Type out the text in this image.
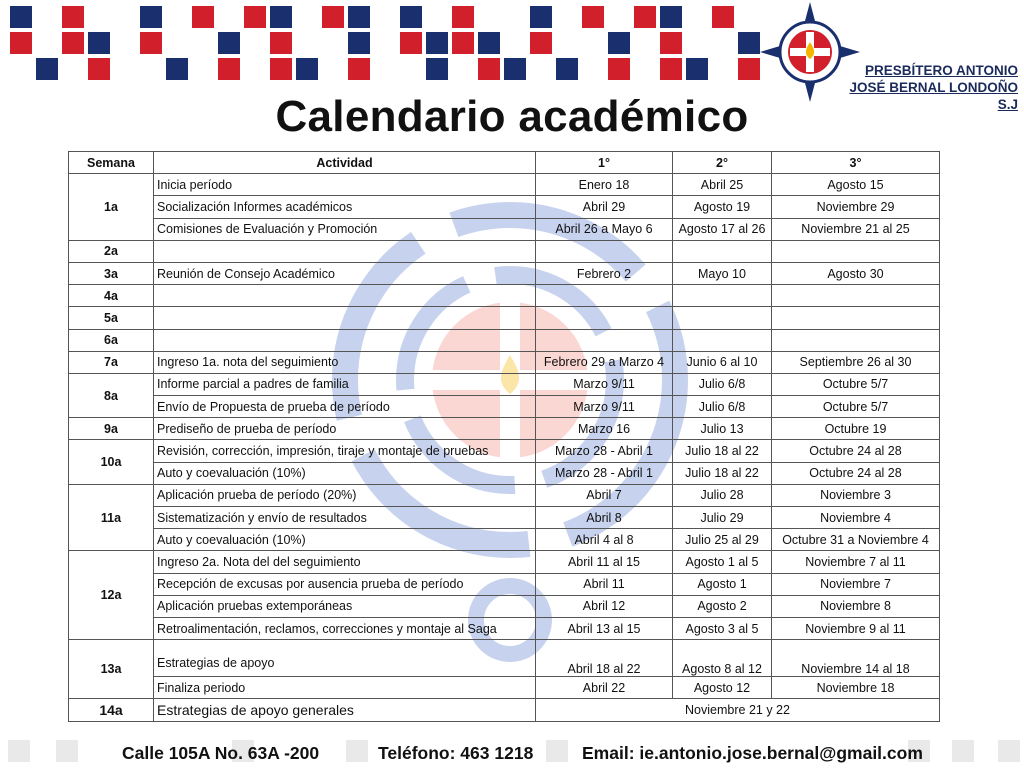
PRESBÍTERO ANTONIO
JOSÉ BERNAL LONDOÑO
S.J
Calendario académico
Semana	Actividad	1°	2°	3°
1a	Inicia período	Enero 18	Abril 25	Agosto 15
	Socialización Informes académicos	Abril 29	Agosto 19	Noviembre 29
	Comisiones de Evaluación y Promoción	Abril 26 a Mayo 6	Agosto 17 al 26	Noviembre 21 al 25
2a				
3a	Reunión de Consejo Académico	Febrero 2	Mayo 10	Agosto 30
4a				
5a				
6a				
7a	Ingreso 1a. nota del seguimiento	Febrero 29 a Marzo 4	Junio 6 al 10	Septiembre 26 al 30
8a	Informe parcial a padres de familia	Marzo 9/11	Julio 6/8	Octubre 5/7
	Envío de Propuesta de prueba de período	Marzo 9/11	Julio 6/8	Octubre 5/7
9a	Prediseño de prueba de período	Marzo 16	Julio 13	Octubre 19
10a	Revisión, corrección, impresión, tiraje y montaje de pruebas	Marzo 28 - Abril 1	Julio 18 al 22	Octubre 24 al 28
	Auto y coevaluación (10%)	Marzo 28 - Abril 1	Julio 18 al 22	Octubre 24 al 28
11a	Aplicación prueba de período (20%)	Abril 7	Julio 28	Noviembre 3
	Sistematización y envío de resultados	Abril 8	Julio 29	Noviembre 4
	Auto y coevaluación (10%)	Abril 4 al 8	Julio 25 al 29	Octubre 31 a Noviembre 4
12a	Ingreso 2a. Nota del del seguimiento	Abril 11 al 15	Agosto 1 al 5	Noviembre 7 al 11
	Recepción de excusas por ausencia prueba de período	Abril 11	Agosto 1	Noviembre 7
	Aplicación pruebas extemporáneas	Abril 12	Agosto 2	Noviembre 8
	Retroalimentación, reclamos, correcciones y montaje al Saga	Abril 13 al 15	Agosto 3 al 5	Noviembre 9 al 11
13a	Estrategias de apoyo	Abril 18 al 22	Agosto 8 al 12	Noviembre 14 al 18
	Finaliza periodo	Abril 22	Agosto 12	Noviembre 18
14a	Estrategias de apoyo generales	Noviembre 21 y 22		
Calle 105A No. 63A -200	Teléfono: 463 1218	Email: ie.antonio.jose.bernal@gmail.com
